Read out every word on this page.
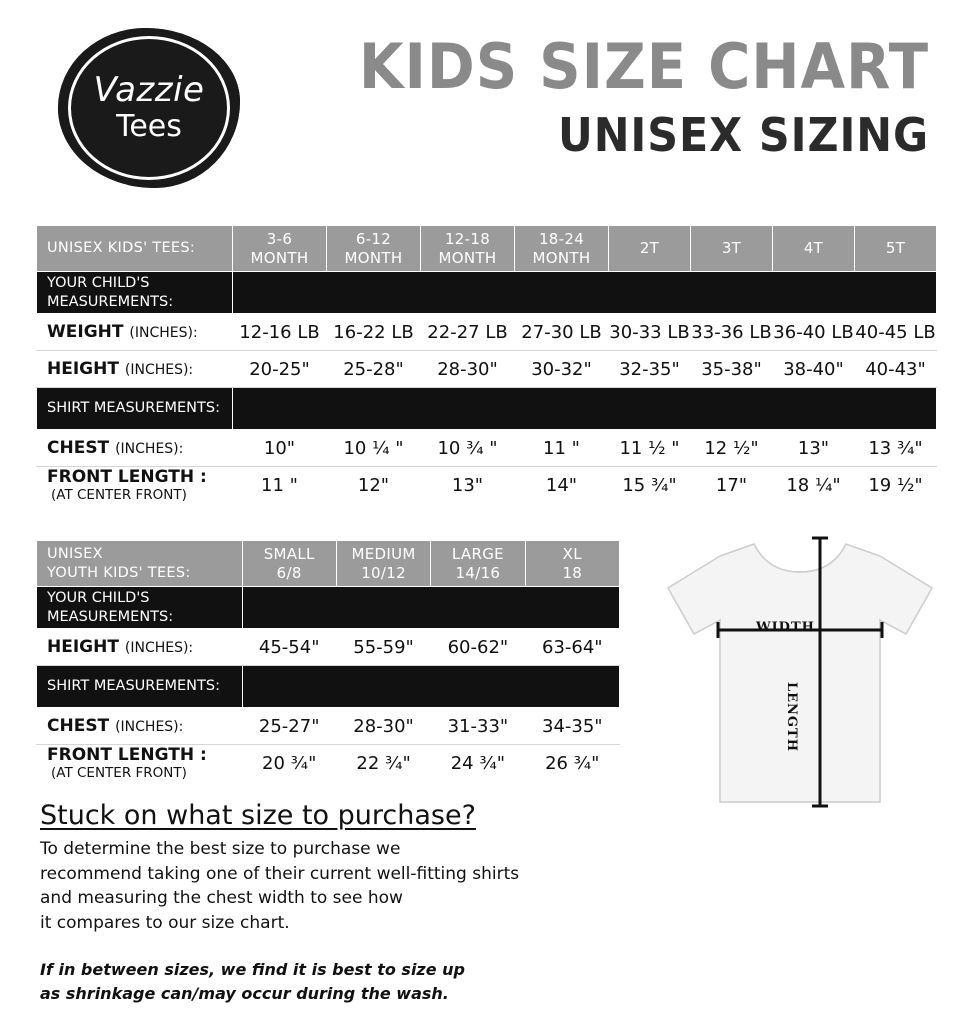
Vazzie
Tees
KIDS SIZE CHART
UNISEX SIZING
UNISEX KIDS' TEES:	
3-6
MONTH

6-12
MONTH

12-18
MONTH

18-24
MONTH
	2T	3T	4T	5T

YOUR CHILD'S
MEASUREMENTS:								

WEIGHT (INCHES):	12-16 LB	16-22 LB	22-27 LB	27-30 LB	30-33 LB	33-36 LB	36-40 LB	40-45 LB
HEIGHT (INCHES):	20-25"	25-28"	28-30"	30-32"	32-35"	35-38"	38-40"	40-43"
SHIRT MEASUREMENTS:								
CHEST (INCHES):	10"	10 ¼ "	10 ¾ "	11 "	11 ½ "	12 ½"	13"	13 ¾"
FRONT LENGTH :
(AT CENTER FRONT)	11 "	12"	13"	14"	15 ¾"	17"	18 ¼"	19 ½"
UNISEX
YOUTH KIDS' TEES:

SMALL
6/8

MEDIUM
10/12

LARGE
14/16

XL
18

YOUR CHILD'S
MEASUREMENTS:				

HEIGHT (INCHES):	45-54"	55-59"	60-62"	63-64"
SHIRT MEASUREMENTS:				
CHEST (INCHES):	25-27"	28-30"	31-33"	34-35"
FRONT LENGTH :
(AT CENTER FRONT)	20 ¾"	22 ¾"	24 ¾"	26 ¾"
WIDTH
LENGTH
Stuck on what size to purchase?

To determine the best size to purchase we
recommend taking one of their current well-fitting shirts
and measuring the chest width to see how
it compares to our size chart.

If in between sizes, we find it is best to size up
as shrinkage can/may occur during the wash.
